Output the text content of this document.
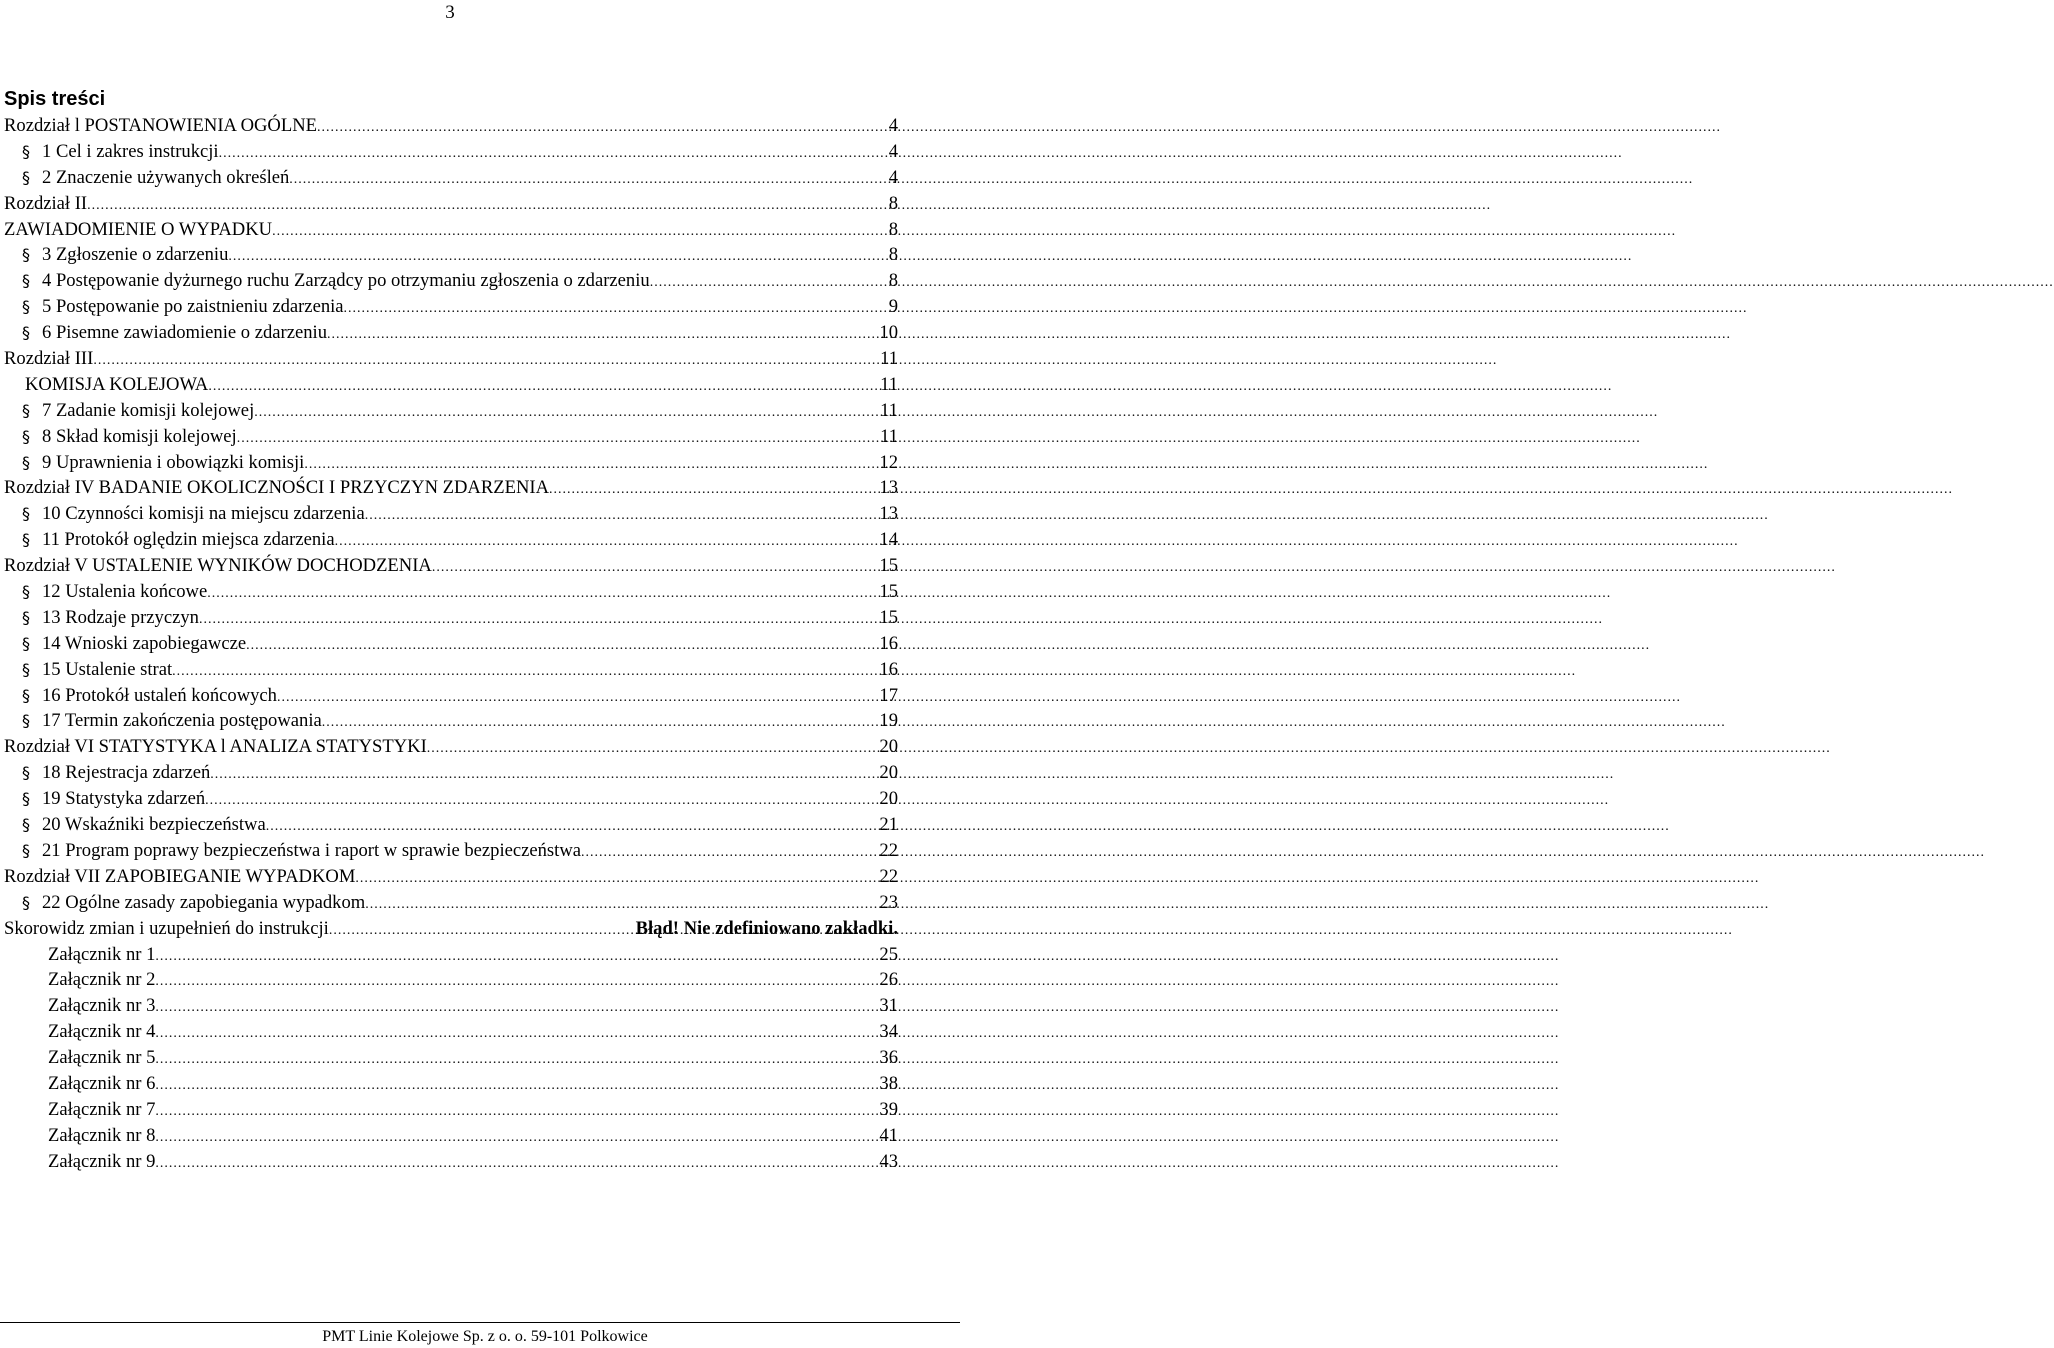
3
Spis treści
Rozdział l POSTANOWIENIA OGÓLNE .....	4
§ 1 Cel i zakres instrukcji .....	4
§ 2 Znaczenie używanych określeń .....	4
Rozdział II .....	8
ZAWIADOMIENIE O WYPADKU .....	8
§ 3 Zgłoszenie o zdarzeniu .....	8
§ 4 Postępowanie dyżurnego ruchu Zarządcy po otrzymaniu zgłoszenia o zdarzeniu .....	8
§ 5 Postępowanie po zaistnieniu zdarzenia .....	9
§ 6 Pisemne zawiadomienie o zdarzeniu .....	10
Rozdział III .....	11
KOMISJA KOLEJOWA .....	11
§ 7 Zadanie komisji kolejowej .....	11
§ 8 Skład komisji kolejowej .....	11
§ 9 Uprawnienia i obowiązki komisji .....	12
Rozdział IV BADANIE OKOLICZNOŚCI I PRZYCZYN ZDARZENIA .....	13
§ 10 Czynności komisji na miejscu zdarzenia .....	13
§ 11 Protokół oględzin miejsca zdarzenia .....	14
Rozdział V USTALENIE WYNIKÓW DOCHODZENIA .....	15
§ 12 Ustalenia końcowe .....	15
§ 13 Rodzaje przyczyn .....	15
§ 14 Wnioski zapobiegawcze .....	16
§ 15 Ustalenie strat .....	16
§ 16 Protokół ustaleń końcowych .....	17
§ 17 Termin zakończenia postępowania .....	19
Rozdział VI STATYSTYKA l ANALIZA STATYSTYKI .....	20
§ 18 Rejestracja zdarzeń .....	20
§ 19 Statystyka zdarzeń .....	20
§ 20 Wskaźniki bezpieczeństwa .....	21
§ 21 Program poprawy bezpieczeństwa i raport w sprawie bezpieczeństwa .....	22
Rozdział VII ZAPOBIEGANIE WYPADKOM .....	22
§ 22 Ogólne zasady zapobiegania wypadkom .....	23
Skorowidz zmian i uzupełnień do instrukcji .....	Błąd! Nie zdefiniowano zakładki.
Załącznik nr 1 .....	25
Załącznik nr 2 .....	26
Załącznik nr 3 .....	31
Załącznik nr 4 .....	34
Załącznik nr 5 .....	36
Załącznik nr 6 .....	38
Załącznik nr 7 .....	39
Załącznik nr 8 .....	41
Załącznik nr 9 .....	43
PMT Linie Kolejowe Sp. z o. o. 59-101 Polkowice
